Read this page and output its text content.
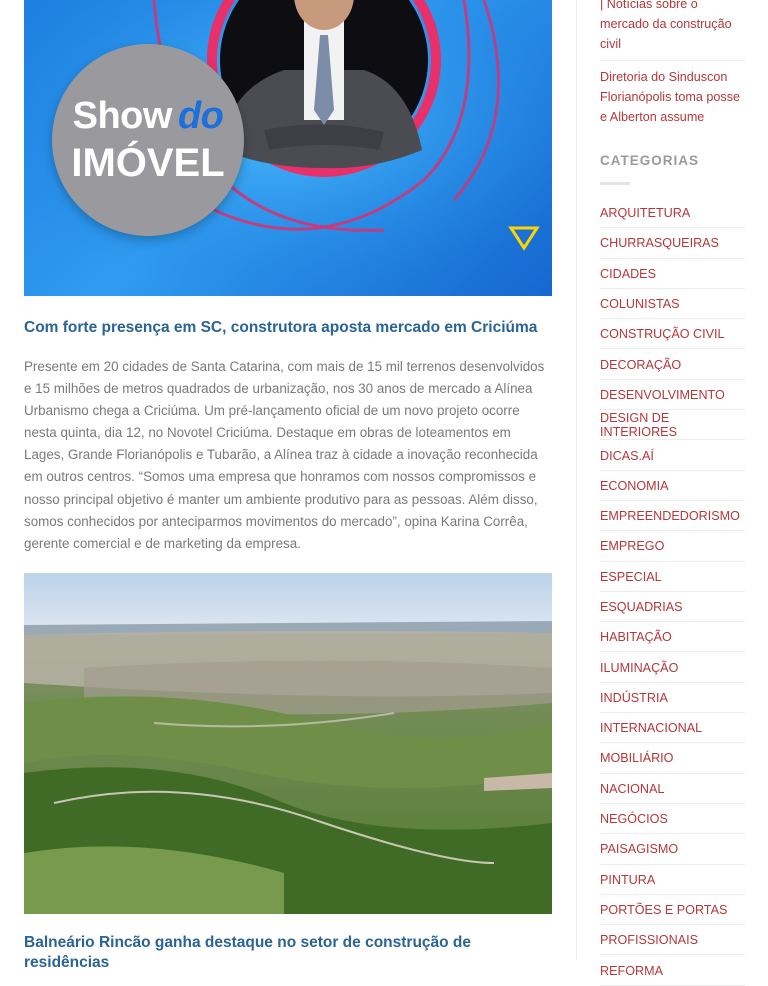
Show do
IMÓVEL
Com forte presença em SC, construtora aposta mercado em Criciúma

Presente em 20 cidades de Santa Catarina, com mais de 15 mil terrenos desenvolvidos e 15 milhões de metros quadrados de urbanização, nos 30 anos de mercado a Alínea Urbanismo chega a Criciúma. Um pré-lançamento oficial de um novo projeto ocorre nesta quinta, dia 12, no Novotel Criciúma. Destaque em obras de loteamentos em Lages, Grande Florianópolis e Tubarão, a Alínea traz à cidade a inovação reconhecida em outros centros. “Somos uma empresa que honramos com nossos compromissos e nosso principal objetivo é manter um ambiente produtivo para as pessoas. Além disso, somos conhecidos por anteciparmos movimentos do mercado”, opina Karina Corrêa, gerente comercial e de marketing da empresa.

Balneário Rincão ganha destaque no setor de construção de residências
| Notícias sobre o mercado da construção civil
Diretoria do Sinduscon Florianópolis toma posse e Alberton assume
CATEGORIAS
ARQUITETURA
CHURRASQUEIRAS
CIDADES
COLUNISTAS
CONSTRUÇÃO CIVIL
DECORAÇÃO
DESENVOLVIMENTO
DESIGN DE INTERIORES
DICAS.AÍ
ECONOMIA
EMPREENDEDORISMO
EMPREGO
ESPECIAL
ESQUADRIAS
HABITAÇÃO
ILUMINAÇÃO
INDÚSTRIA
INTERNACIONAL
MOBILIÁRIO
NACIONAL
NEGÓCIOS
PAISAGISMO
PINTURA
PORTÕES E PORTAS
PROFISSIONAIS
REFORMA
